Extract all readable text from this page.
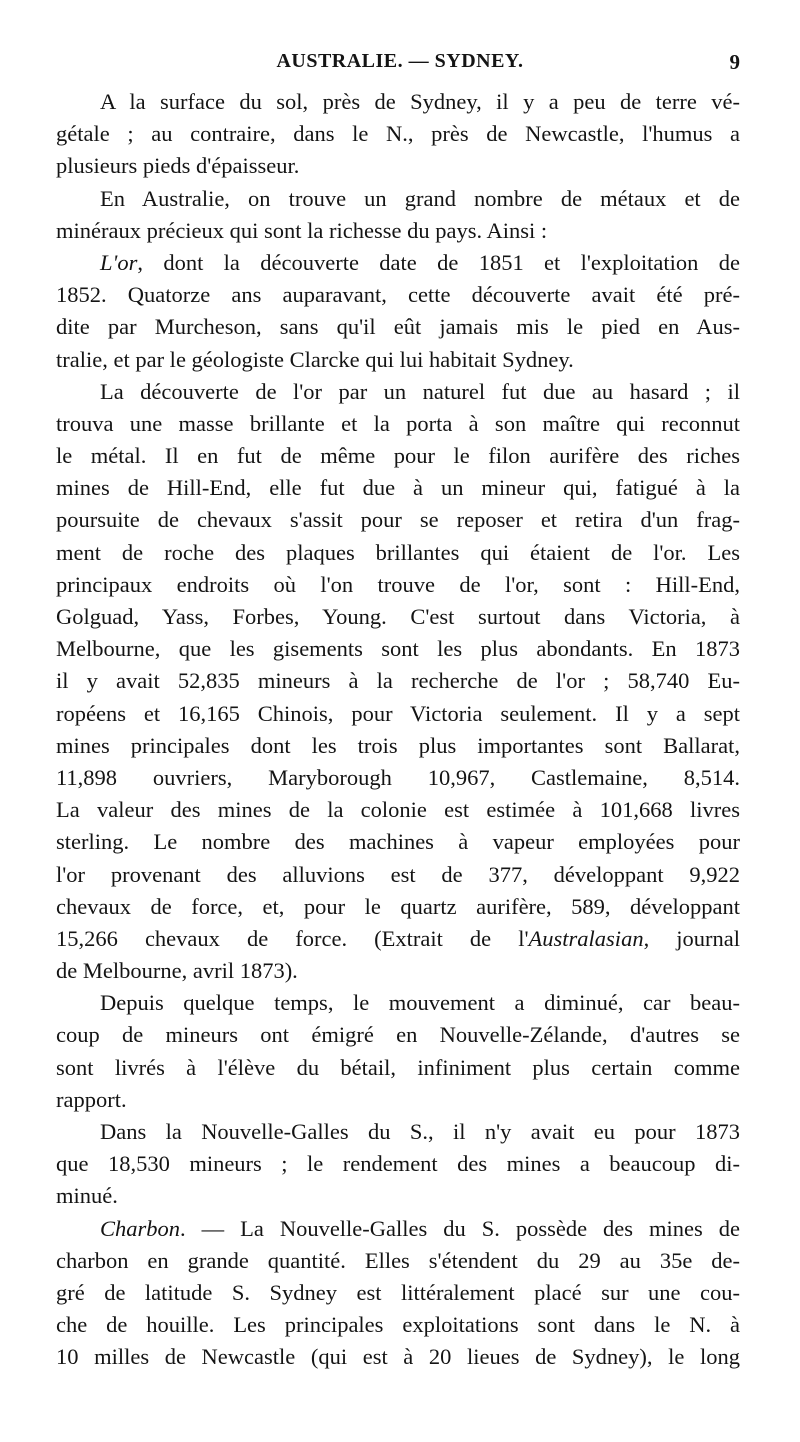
AUSTRALIE. — SYDNEY.	9
A la surface du sol, près de Sydney, il y a peu de terre vé-
gétale ; au contraire, dans le N., près de Newcastle, l'humus a
plusieurs pieds d'épaisseur.
En Australie, on trouve un grand nombre de métaux et de
minéraux précieux qui sont la richesse du pays. Ainsi :
L'or, dont la découverte date de 1851 et l'exploitation de
1852. Quatorze ans auparavant, cette découverte avait été pré-
dite par Murcheson, sans qu'il eût jamais mis le pied en Aus-
tralie, et par le géologiste Clarcke qui lui habitait Sydney.
La découverte de l'or par un naturel fut due au hasard ; il
trouva une masse brillante et la porta à son maître qui reconnut
le métal. Il en fut de même pour le filon aurifère des riches
mines de Hill-End, elle fut due à un mineur qui, fatigué à la
poursuite de chevaux s'assit pour se reposer et retira d'un frag-
ment de roche des plaques brillantes qui étaient de l'or. Les
principaux endroits où l'on trouve de l'or, sont : Hill-End,
Golguad, Yass, Forbes, Young. C'est surtout dans Victoria, à
Melbourne, que les gisements sont les plus abondants. En 1873
il y avait 52,835 mineurs à la recherche de l'or ; 58,740 Eu-
ropéens et 16,165 Chinois, pour Victoria seulement. Il y a sept
mines principales dont les trois plus importantes sont Ballarat,
11,898 ouvriers, Maryborough 10,967, Castlemaine, 8,514.
La valeur des mines de la colonie est estimée à 101,668 livres
sterling. Le nombre des machines à vapeur employées pour
l'or provenant des alluvions est de 377, développant 9,922
chevaux de force, et, pour le quartz aurifère, 589, développant
15,266 chevaux de force. (Extrait de l'Australasian, journal
de Melbourne, avril 1873).
Depuis quelque temps, le mouvement a diminué, car beau-
coup de mineurs ont émigré en Nouvelle-Zélande, d'autres se
sont livrés à l'élève du bétail, infiniment plus certain comme
rapport.
Dans la Nouvelle-Galles du S., il n'y avait eu pour 1873
que 18,530 mineurs ; le rendement des mines a beaucoup di-
minué.
Charbon. — La Nouvelle-Galles du S. possède des mines de
charbon en grande quantité. Elles s'étendent du 29 au 35e de-
gré de latitude S. Sydney est littéralement placé sur une cou-
che de houille. Les principales exploitations sont dans le N. à
10 milles de Newcastle (qui est à 20 lieues de Sydney), le long
